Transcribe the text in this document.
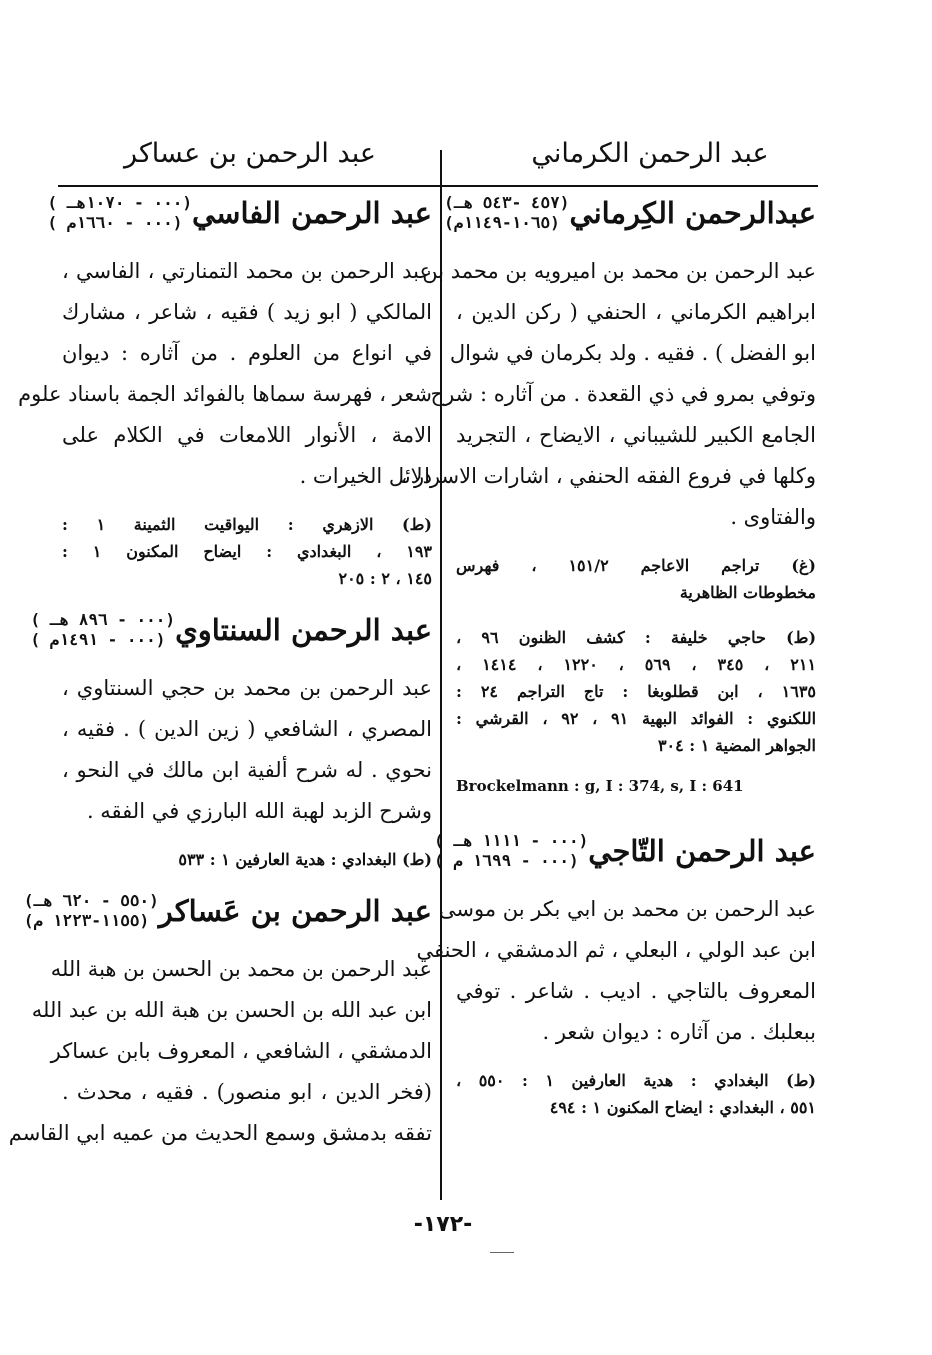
عبد الرحمن الكرماني
عبد الرحمن بن عساكر
عبدالرحمن الكِرماني
(٤٥٧ -٥٤٣ هـ)
(١٠٦٥-١١٤٩م)
عبد الرحمن بن محمد بن اميرويه بن محمد بن
ابراهيم الكرماني ، الحنفي ( ركن الدين ،
ابو الفضل ) . فقيه . ولد بكرمان في شوال
وتوفي بمرو في ذي القعدة . من آثاره : شرح
الجامع الكبير للشيباني ، الايضاح ، التجريد
وكلها في فروع الفقه الحنفي ، اشارات الاسرار ،
والفتاوى .
(غ) تراجم الاعاجم ١٥١/٢ ، فهرس
مخطوطات الظاهرية
(ط) حاجي خليفة : كشف الظنون ٩٦ ،
٢١١ ، ٣٤٥ ، ٥٦٩ ، ١٢٢٠ ، ١٤١٤ ،
١٦٣٥ ، ابن قطلوبغا : تاج التراجم ٢٤ :
اللكنوي : الفوائد البهية ٩١ ، ٩٢ ، القرشي :
الجواهر المضية ١ : ٣٠٤
Brockelmann : g, I : 374, s, I : 641
عبد الرحمن التّاجي
( ٠٠٠ - ١١١١ هـ)
( ٠٠٠ - ١٦٩٩ م)
عبد الرحمن بن محمد بن ابي بكر بن موسى
ابن عبد الولي ، البعلي ، ثم الدمشقي ، الحنفي
المعروف بالتاجي . اديب . شاعر . توفي
ببعلبك . من آثاره : ديوان شعر .
(ط) البغدادي : هدية العارفين ١ : ٥٥٠ ،
٥٥١ ، البغدادي : ايضاح المكنون ١ : ٤٩٤
عبد الرحمن الفاسي
( ٠٠٠ - ١٠٧٠هـ)
( ٠٠٠ - ١٦٦٠م)
عبد الرحمن بن محمد التمنارتي ، الفاسي ،
المالكي ( ابو زيد ) فقيه ، شاعر ، مشارك
في انواع من العلوم . من آثاره : ديوان
شعر ، فهرسة سماها بالفوائد الجمة باسناد علوم
الامة ، الأنوار اللامعات في الكلام على
دلائل الخيرات .
(ط) الازهري : اليواقيت الثمينة ١ :
١٩٣ ، البغدادي : ايضاح المكنون ١ :
١٤٥ ، ٢ : ٢٠٥
عبد الرحمن السنتاوي
( ٠٠٠ - ٨٩٦ هـ)
( ٠٠٠ - ١٤٩١م)
عبد الرحمن بن محمد بن حجي السنتاوي ،
المصري ، الشافعي ( زين الدين ) . فقيه ،
نحوي . له شرح ألفية ابن مالك في النحو ،
وشرح الزبد لهبة الله البارزي في الفقه .
(ط) البغدادي : هدية العارفين ١ : ٥٣٣
عبد الرحمن بن عَساكر
(٥٥٠ - ٦٢٠ هـ)
(١١٥٥-١٢٢٣ م)
عبد الرحمن بن محمد بن الحسن بن هبة الله
ابن عبد الله بن الحسن بن هبة الله بن عبد الله
الدمشقي ، الشافعي ، المعروف بابن عساكر
(فخر الدين ، ابو منصور) . فقيه ، محدث .
تفقه بدمشق وسمع الحديث من عميه ابي القاسم
-١٧٢-
